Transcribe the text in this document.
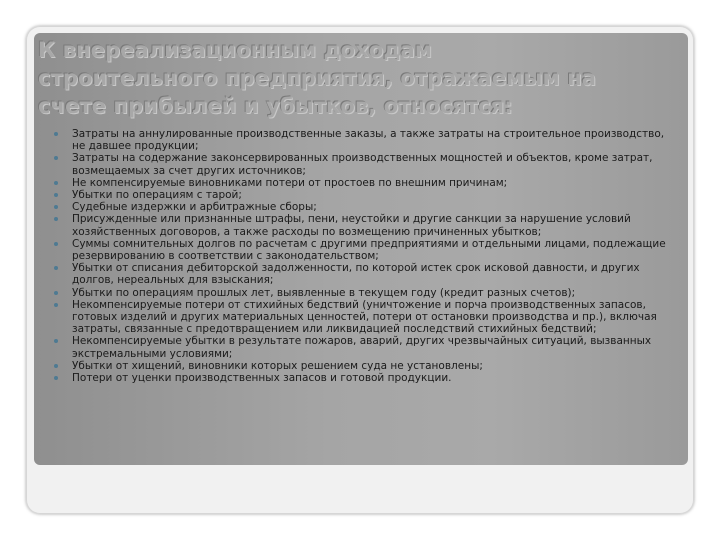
К внереализационным доходам
строительного предприятия, отражаемым на
счете прибылей и убытков, относятся:
Затраты на аннулированные производственные заказы, а также затраты на строительное производство, не давшее продукции;
Затраты на содержание законсервированных производственных мощностей и объектов, кроме затрат, возмещаемых за счет других источников;
Не компенсируемые виновниками потери от простоев по внешним причинам;
Убытки по операциям с тарой;
Судебные издержки и арбитражные сборы;
Присужденные или признанные штрафы, пени, неустойки и другие санкции за нарушение условий хозяйственных договоров, а также расходы по возмещению причиненных убытков;
Суммы сомнительных долгов по расчетам с другими предприятиями и отдельными лицами, подлежащие резервированию в соответствии с законодательством;
Убытки от списания дебиторской задолженности, по которой истек срок исковой давности, и других долгов, нереальных для взыскания;
Убытки по операциям прошлых лет, выявленные в текущем году (кредит разных счетов);
Некомпенсируемые потери от стихийных бедствий (уничтожение и порча производственных запасов, готовых изделий и других материальных ценностей, потери от остановки производства и пр.), включая затраты, связанные с предотвращением или ликвидацией последствий стихийных бедствий;
Некомпенсируемые убытки в результате пожаров, аварий, других чрезвычайных ситуаций, вызванных экстремальными условиями;
Убытки от хищений, виновники которых решением суда не установлены;
Потери от уценки производственных запасов и готовой продукции.
